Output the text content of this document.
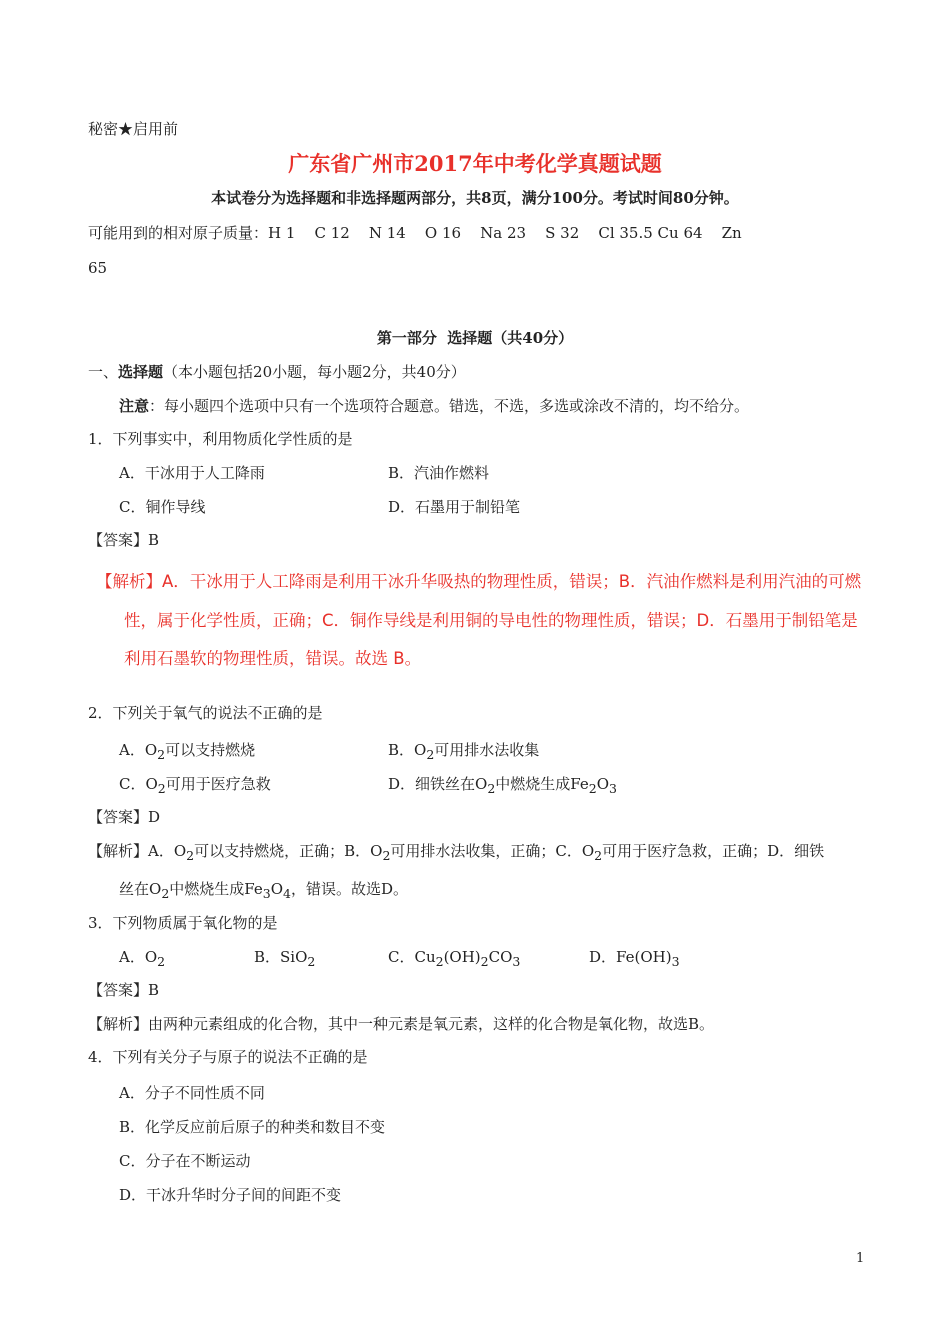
秘密★启用前
广东省广州市2017年中考化学真题试题
本试卷分为选择题和非选择题两部分，共8页，满分100分。考试时间80分钟。
可能用到的相对原子质量：H 1    C 12    N 14    O 16    Na 23    S 32    Cl 35.5 Cu 64    Zn
65
第一部分  选择题（共40分）
一、选择题（本小题包括20小题，每小题2分，共40分）
注意：每小题四个选项中只有一个选项符合题意。错选，不选，多选或涂改不清的，均不给分。
1．下列事实中，利用物质化学性质的是
A．干冰用于人工降雨	B．汽油作燃料
C．铜作导线	D．石墨用于制铅笔
【答案】B
【解析】A．干冰用于人工降雨是利用干冰升华吸热的物理性质，错误；B．汽油作燃料是利用汽油的可燃
性，属于化学性质，正确；C．铜作导线是利用铜的导电性的物理性质，错误；D．石墨用于制铅笔是
利用石墨软的物理性质，错误。故选 B。
2．下列关于氧气的说法不正确的是
A．$O_2$可以支持燃烧	B．$O_2$可用排水法收集
C．$O_2$可用于医疗急救	D．细铁丝在$O_2$中燃烧生成$Fe_2O_3$
【答案】D
【解析】A．$O_2$可以支持燃烧，正确；B．$O_2$可用排水法收集，正确；C．$O_2$可用于医疗急救，正确；D．细铁
丝在$O_2$中燃烧生成$Fe_3O_4$，错误。故选D。
3．下列物质属于氧化物的是
A．$O_2$	B．SiO$_2$	C．$Cu_2(OH)_2CO_3$	D．$Fe(OH)_3$
【答案】B
【解析】由两种元素组成的化合物，其中一种元素是氧元素，这样的化合物是氧化物，故选B。
4．下列有关分子与原子的说法不正确的是
A．分子不同性质不同
B．化学反应前后原子的种类和数目不变
C．分子在不断运动
D．干冰升华时分子间的间距不变
1
